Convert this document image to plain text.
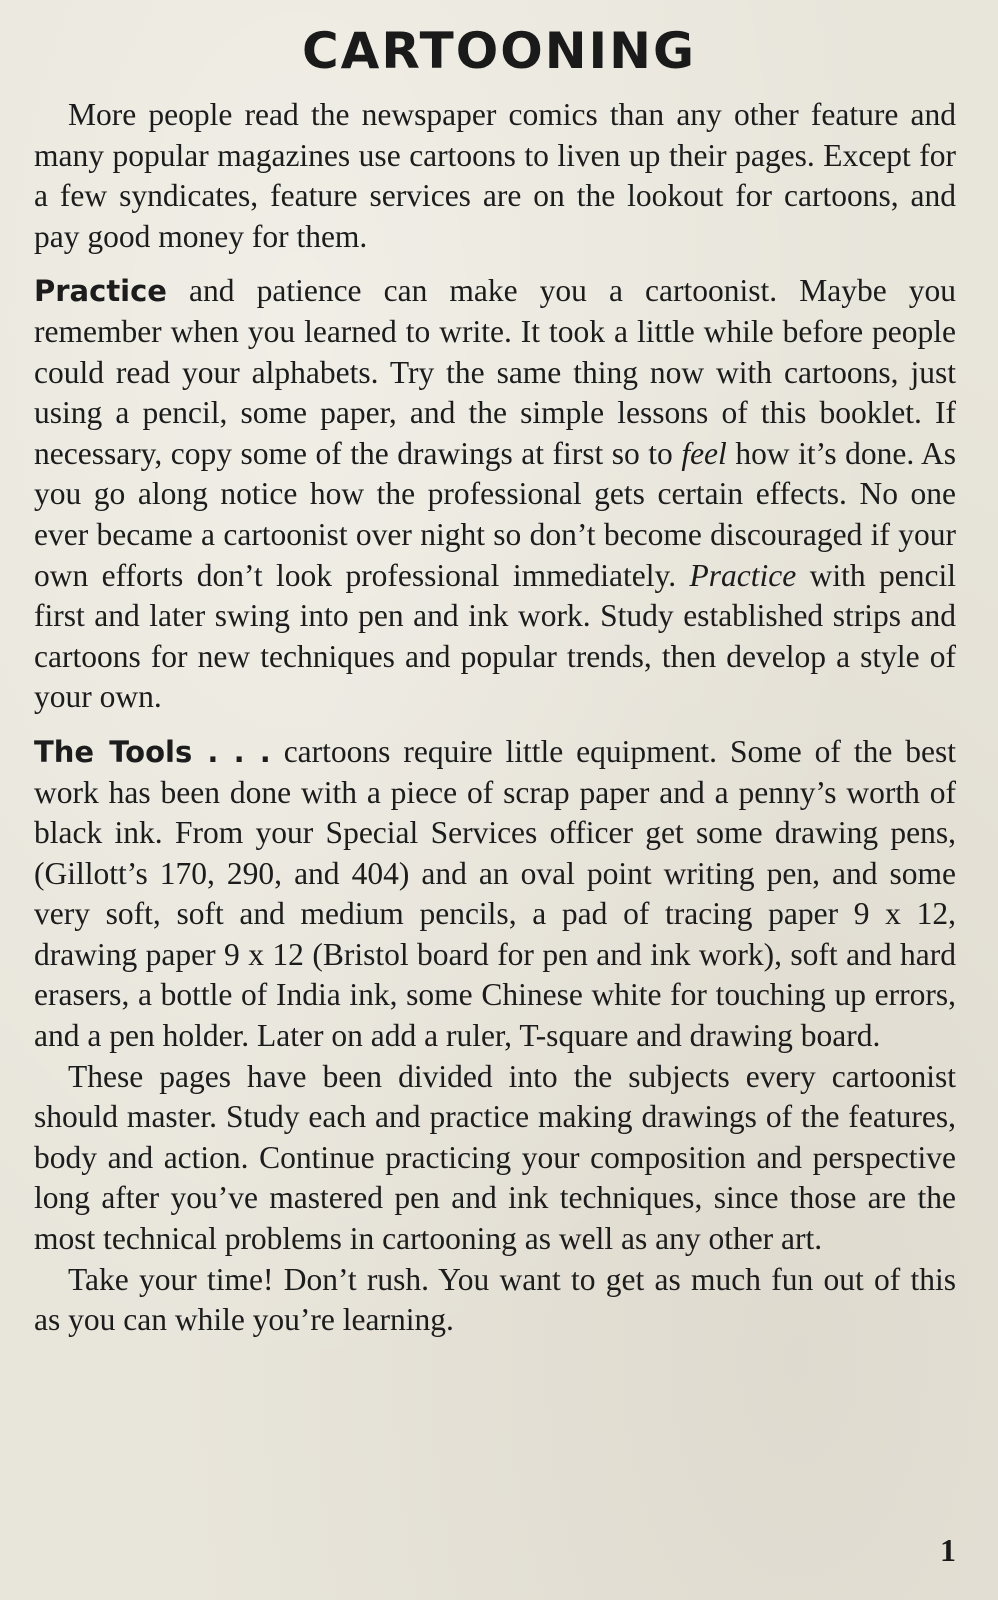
CARTOONING

More people read the newspaper comics than any other feature and many popular magazines use cartoons to liven up their pages. Except for a few syndicates, feature services are on the lookout for cartoons, and pay good money for them.

Practice and patience can make you a cartoonist. Maybe you remember when you learned to write. It took a little while before people could read your alphabets. Try the same thing now with cartoons, just using a pencil, some paper, and the simple lessons of this booklet. If necessary, copy some of the drawings at first so to feel how it’s done. As you go along notice how the professional gets certain effects. No one ever became a cartoonist over night so don’t become discouraged if your own efforts don’t look professional immediately. Practice with pencil first and later swing into pen and ink work. Study established strips and cartoons for new techniques and popular trends, then develop a style of your own.

The Tools . . . cartoons require little equipment. Some of the best work has been done with a piece of scrap paper and a penny’s worth of black ink. From your Special Services officer get some drawing pens, (Gillott’s 170, 290, and 404) and an oval point writing pen, and some very soft, soft and medium pencils, a pad of tracing paper 9 x 12, drawing paper 9 x 12 (Bristol board for pen and ink work), soft and hard erasers, a bottle of India ink, some Chinese white for touching up errors, and a pen holder. Later on add a ruler, T-square and drawing board.

These pages have been divided into the subjects every cartoonist should master. Study each and practice making drawings of the features, body and action. Continue practicing your composition and perspective long after you’ve mastered pen and ink techniques, since those are the most technical problems in cartooning as well as any other art.

Take your time! Don’t rush. You want to get as much fun out of this as you can while you’re learning.

1
